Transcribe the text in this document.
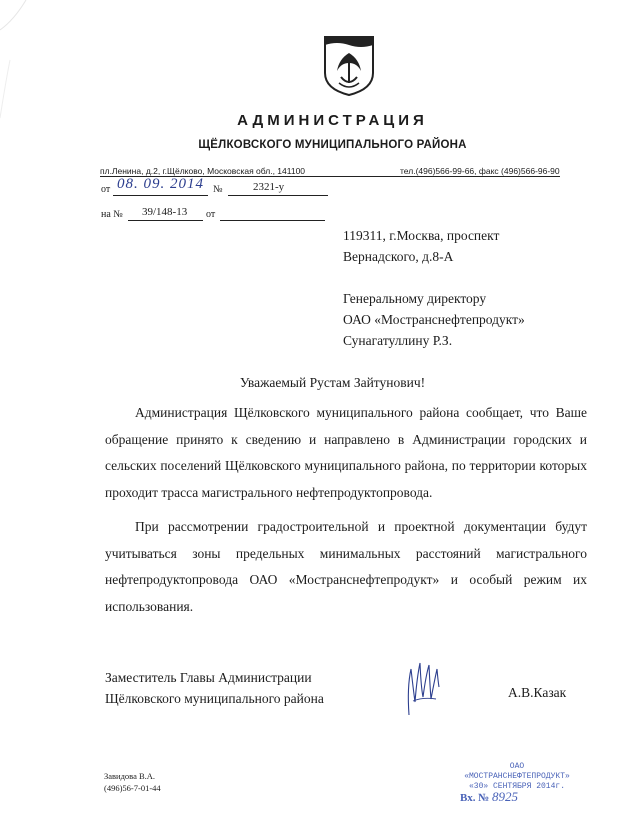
АДМИНИСТРАЦИЯ
ЩЁЛКОВСКОГО МУНИЦИПАЛЬНОГО РАЙОНА
пл.Ленина, д.2, г.Щёлково, Московская обл., 141100	тел.(496)566-99-66, факс (496)566-96-90
от 08. 09. 2014 №	2321-у
на № 39/148-13 от
119311, г.Москва, проспект
Вернадского, д.8-А
Генеральному директору
ОАО «Мостранснефтепродукт»
Сунагатуллину Р.З.
Уважаемый Рустам Зайтунович!

Администрация Щёлковского муниципального района сообщает, что Ваше обращение принято к сведению и направлено в Администрации городских и сельских поселений Щёлковского муниципального района, по территории которых проходит трасса магистрального нефтепродуктопровода.

При рассмотрении градостроительной и проектной документации будут учитываться зоны предельных минимальных расстояний магистрального нефтепродуктопровода ОАО «Мостранснефтепродукт» и особый режим их использования.

Заместитель Главы Администрации
Щёлковского муниципального района	А.В.Казак
Завидова В.А.
(496)56-7-01-44
ОАО
«МОСТРАНСНЕФТЕПРОДУКТ»
«30» СЕНТЯБРЯ 2014г.
Вх. № 8925
